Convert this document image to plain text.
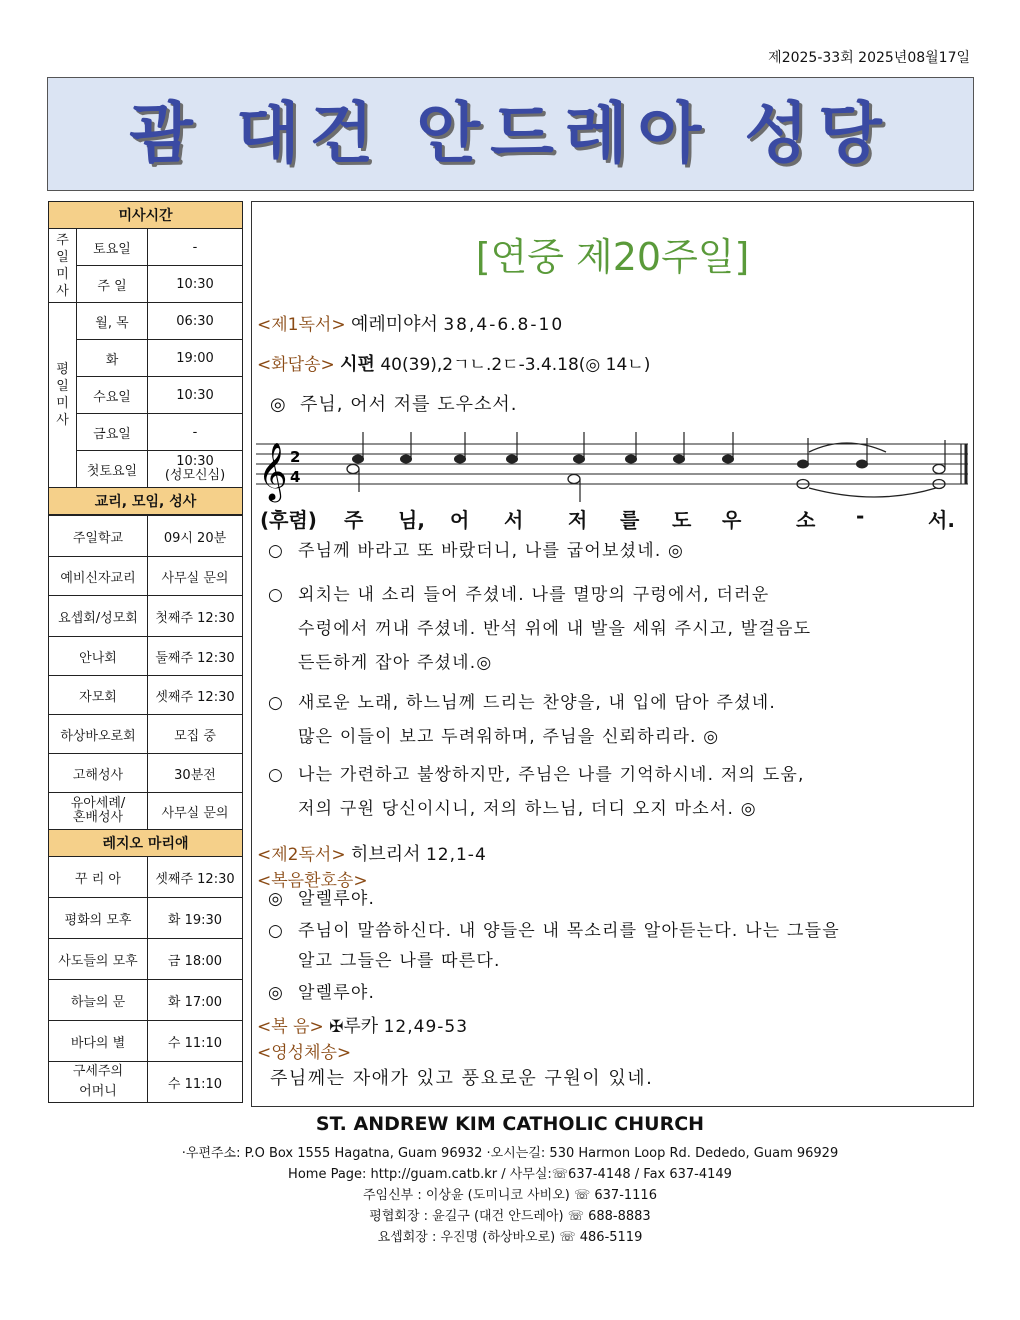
제2025-33회 2025년08월17일
괌 대건 안드레아 성당
미사시간		
주
일
미
사	토요일	-
	주 일	10:30
평
일
미
사	월, 목	06:30
	화	19:00
	수요일	10:30
	금요일	-
	첫토요일	10:30
(성모신심)
교리, 모임, 성사		
주일학교	09시 20분
예비신자교리	사무실 문의
요셉회/성모회	첫째주 12:30
안나회	둘째주 12:30
자모회	셋째주 12:30
하상바오로회	모집 중
고해성사	30분전
유아세례/
혼배성사	사무실 문의
레지오 마리애	
꾸 리 아	셋째주 12:30
평화의 모후	화 19:30
사도들의 모후	금 18:00
하늘의 문	화 17:00
바다의 별	수 11:10
구세주의
어머니	수 11:10
[연중 제20주일]
<제1독서> 예레미야서 38,4-6.8-10
<화답송> 시편 40(39),2ㄱㄴ.2ㄷ-3.4.18(◎ 14ㄴ)
◎ 주님, 어서 저를 도우소서.
𝄞 2
4
(후렴) 주 님, 어 서 저 를 도 우	소 -	서.
○ 주님께 바라고 또 바랐더니, 나를 굽어보셨네. ◎
○ 외치는 내 소리 들어 주셨네. 나를 멸망의 구렁에서, 더러운
수렁에서 꺼내 주셨네. 반석 위에 내 발을 세워 주시고, 발걸음도
든든하게 잡아 주셨네.◎
○ 새로운 노래, 하느님께 드리는 찬양을, 내 입에 담아 주셨네.
많은 이들이 보고 두려워하며, 주님을 신뢰하리라. ◎
○ 나는 가련하고 불쌍하지만, 주님은 나를 기억하시네. 저의 도움,
저의 구원 당신이시니, 저의 하느님, 더디 오지 마소서. ◎
<제2독서> 히브리서 12,1-4
<복음환호송>
◎ 알렐루야.
○ 주님이 말씀하신다. 내 양들은 내 목소리를 알아듣는다. 나는 그들을
알고 그들은 나를 따른다.
◎ 알렐루야.
<복 음> ✠루카 12,49-53
<영성체송>
주님께는 자애가 있고 풍요로운 구원이 있네.
ST. ANDREW KIM CATHOLIC CHURCH
·우편주소: P.O Box 1555 Hagatna, Guam 96932 ·오시는길: 530 Harmon Loop Rd. Dededo, Guam 96929
Home Page: http://guam.catb.kr / 사무실:☏637-4148 / Fax 637-4149
주임신부 : 이상윤 (도미니코 사비오) ☏ 637-1116
평협회장 : 윤길구 (대건 안드레아) ☏ 688-8883
요셉회장 : 우진명 (하상바오로) ☏ 486-5119
